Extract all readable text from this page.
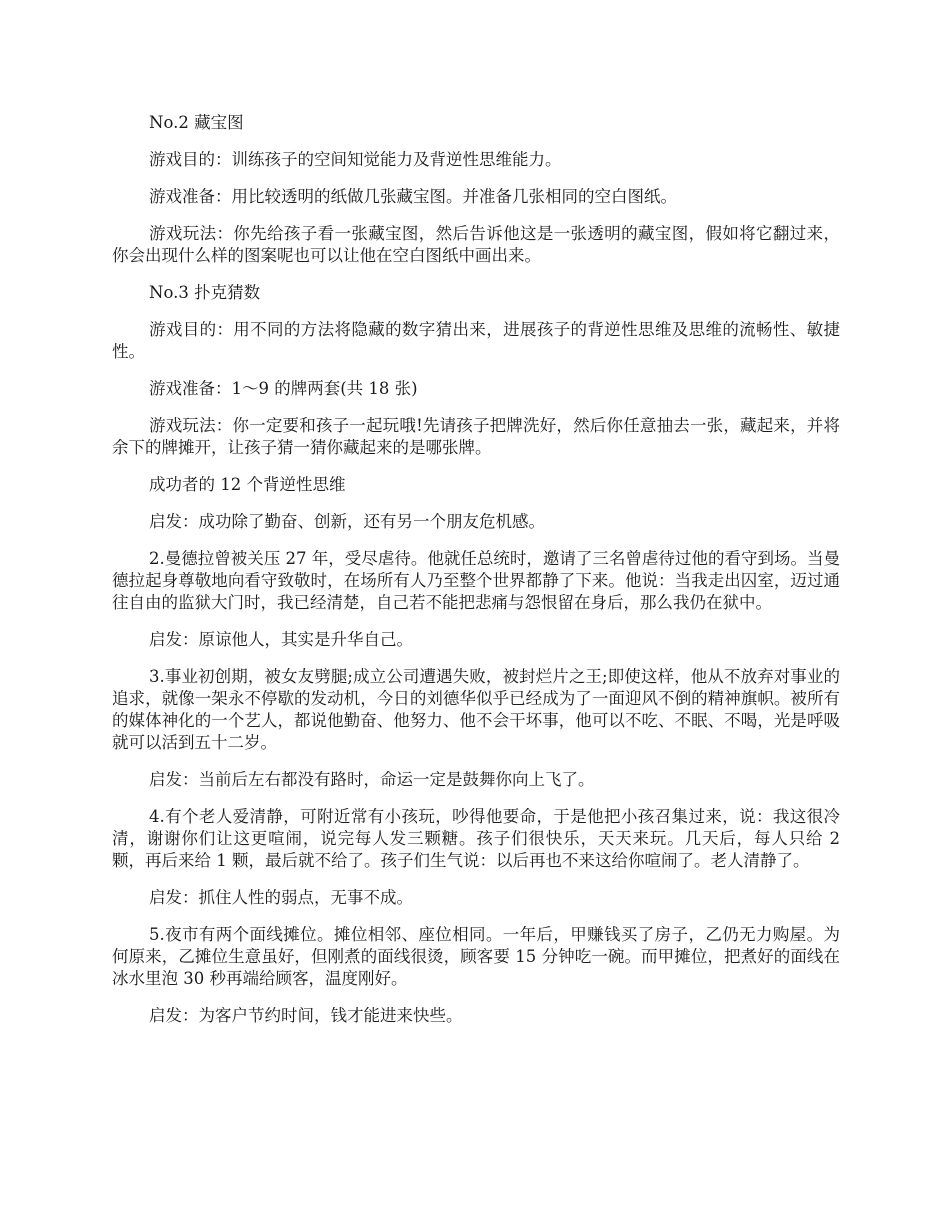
No.2 藏宝图

游戏目的：训练孩子的空间知觉能力及背逆性思维能力。

游戏准备：用比较透明的纸做几张藏宝图。并准备几张相同的空白图纸。

游戏玩法：你先给孩子看一张藏宝图，然后告诉他这是一张透明的藏宝图，假如将它翻过来，你会出现什么样的图案呢也可以让他在空白图纸中画出来。

No.3 扑克猜数

游戏目的：用不同的方法将隐藏的数字猜出来，进展孩子的背逆性思维及思维的流畅性、敏捷性。

游戏准备：1～9 的牌两套(共 18 张)

游戏玩法：你一定要和孩子一起玩哦!先请孩子把牌洗好，然后你任意抽去一张，藏起来，并将余下的牌摊开，让孩子猜一猜你藏起来的是哪张牌。

成功者的 12 个背逆性思维

启发：成功除了勤奋、创新，还有另一个朋友危机感。

2.曼德拉曾被关压 27 年，受尽虐待。他就任总统时，邀请了三名曾虐待过他的看守到场。当曼德拉起身尊敬地向看守致敬时，在场所有人乃至整个世界都静了下来。他说：当我走出囚室，迈过通往自由的监狱大门时，我已经清楚，自己若不能把悲痛与怨恨留在身后，那么我仍在狱中。

启发：原谅他人，其实是升华自己。

3.事业初创期，被女友劈腿;成立公司遭遇失败，被封烂片之王;即使这样，他从不放弃对事业的追求，就像一架永不停歇的发动机，今日的刘德华似乎已经成为了一面迎风不倒的精神旗帜。被所有的媒体神化的一个艺人，都说他勤奋、他努力、他不会干坏事，他可以不吃、不眠、不喝，光是呼吸就可以活到五十二岁。

启发：当前后左右都没有路时，命运一定是鼓舞你向上飞了。

4.有个老人爱清静，可附近常有小孩玩，吵得他要命，于是他把小孩召集过来，说：我这很冷清，谢谢你们让这更喧闹，说完每人发三颗糖。孩子们很快乐，天天来玩。几天后，每人只给 2 颗，再后来给 1 颗，最后就不给了。孩子们生气说：以后再也不来这给你喧闹了。老人清静了。

启发：抓住人性的弱点，无事不成。

5.夜市有两个面线摊位。摊位相邻、座位相同。一年后，甲赚钱买了房子，乙仍无力购屋。为何原来，乙摊位生意虽好，但刚煮的面线很烫，顾客要 15 分钟吃一碗。而甲摊位，把煮好的面线在冰水里泡 30 秒再端给顾客，温度刚好。

启发：为客户节约时间，钱才能进来快些。
